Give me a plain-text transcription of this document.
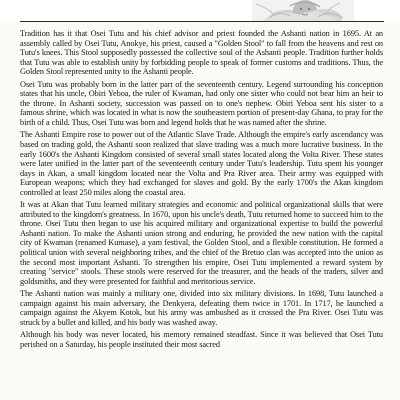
Tradition has it that Osei Tutu and his chief advisor and priest founded the Ashanti nation in 1695. At an assembly called by Osei Tutu, Anokye, his priest, caused a "Golden Stool" to fall from the heavens and rest on Tutu's knees. This Stool supposedly possessed the collective soul of the Ashanti people. Tradition further holds that Tutu was able to establish unity by forbidding people to speak of former customs and traditions. Thus, the Golden Stool represented unity to the Ashanti people.

Osei Tutu was probably born in the latter part of the seventeenth century. Legend surrounding his conception states that his uncle, Obiri Yeboa, the ruler of Kwaman, had only one sister who could not bear him an heir to the throne. In Ashanti society, succession was passed on to one's nephew. Obiri Yeboa sent his sister to a famous shrine, which was located in what is now the southeastern portion of present-day Ghana, to pray for the birth of a child. Thus, Osei Tutu was born and legend holds that he was named after the shrine.

The Ashanti Empire rose to power out of the Atlantic Slave Trade. Although the empire's early ascendancy was based on trading gold, the Ashanti soon realized that slave trading was a much more lucrative business. In the early 1600's the Ashanti Kingdom consisted of several small states located along the Volta River. These states were later unified in the latter part of the seventeenth century under Tutu's leadership. Tutu spent his younger days in Akan, a small kingdom located near the Volta and Pra River area. Their army was equipped with European weapons; which they had exchanged for slaves and gold. By the early 1700's the Akan kingdom controlled at least 250 miles along the coastal area.

It was at Akan that Tutu learned military strategies and economic and political organizational skills that were attributed to the kingdom's greatness. In 1670, upon his uncle's death, Tutu returned home to succeed him to the throne. Osei Tutu then began to use his acquired military and organizational expertise to build the powerful Ashanti nation. To make the Ashanti union strong and enduring, he provided the new nation with the capital city of Kwaman (renamed Kumase), a yam festival, the Golden Stool, and a flexible constitution. He formed a political union with several neighboring tribes, and the chief of the Bretuo clan was accepted into the union as the second most important Ashanti. To strengthen his empire, Osei Tutu implemented a reward system by creating "service" stools. These stools were reserved for the treasurer, and the heads of the traders, silver and goldsmiths, and they were presented for faithful and meritorious service.

The Ashanti nation was mainly a military one, divided into six military divisions. In 1698, Tutu launched a campaign against his main adversary, the Denkyera, defeating them twice in 1701. In 1717, he launched a campaign against the Akyem Kotok, but his army was ambushed as it crossed the Pra River. Osei Tutu was struck by a bullet and killed, and his body was washed away.

Although his body was never located, his memory remained steadfast. Since it was believed that Osei Tutu perished on a Saturday, his people instituted their most sacred
